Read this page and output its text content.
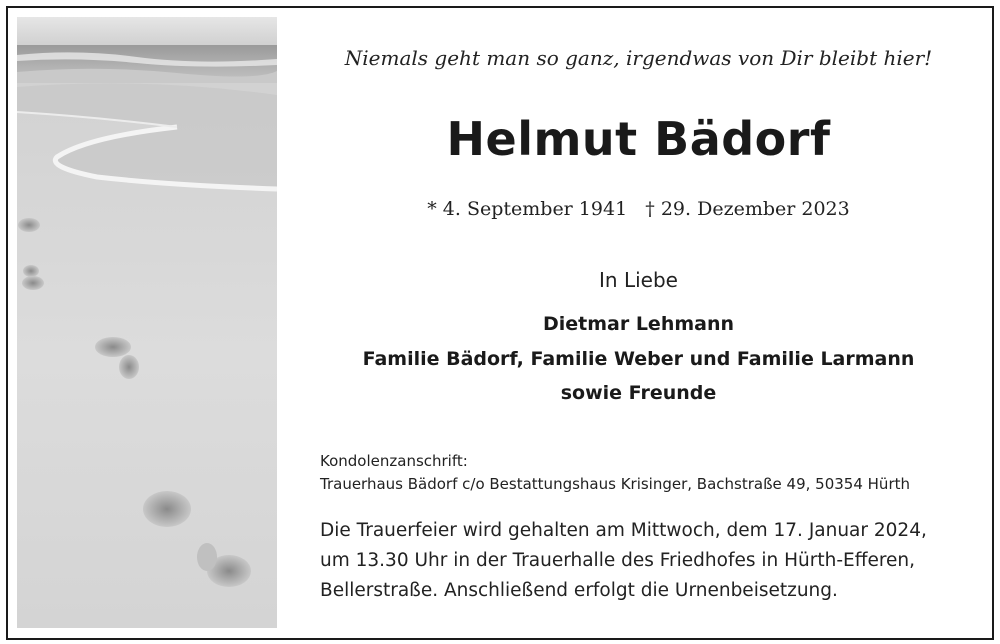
Niemals geht man so ganz, irgendwas von Dir bleibt hier!
Helmut Bädorf
* 4. September 1941 † 29. Dezember 2023
In Liebe
Dietmar Lehmann
Familie Bädorf, Familie Weber und Familie Larmann
sowie Freunde
Kondolenzanschrift:
Trauerhaus Bädorf c/o Bestattungshaus Krisinger, Bachstraße 49, 50354 Hürth
Die Trauerfeier wird gehalten am Mittwoch, dem 17. Januar 2024,
um 13.30 Uhr in der Trauerhalle des Friedhofes in Hürth-Efferen,
Bellerstraße. Anschließend erfolgt die Urnenbeisetzung.
